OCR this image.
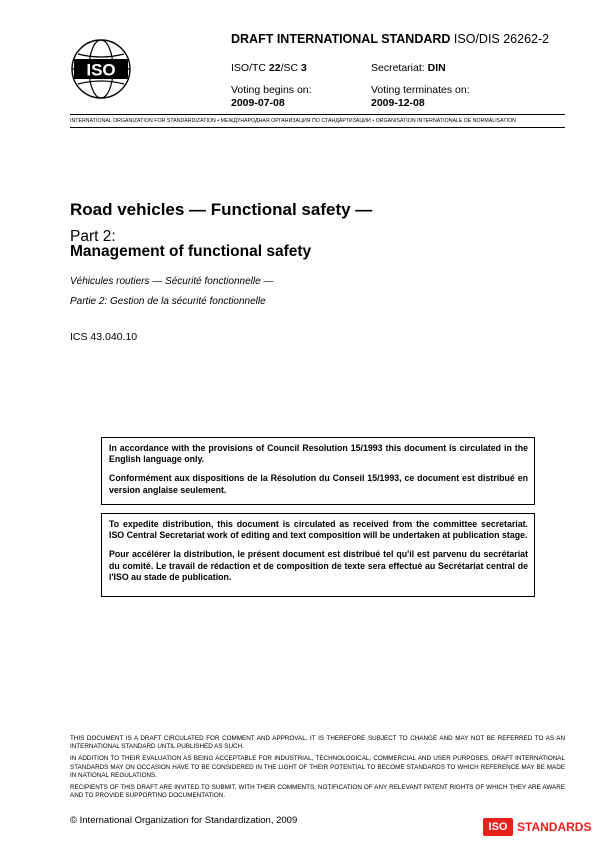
ISO
DRAFT INTERNATIONAL STANDARD ISO/DIS 26262-2
ISO/TC 22/SC 3	Secretariat: DIN
Voting begins on:
2009-07-08
Voting terminates on:
2009-12-08
INTERNATIONAL ORGANIZATION FOR STANDARDIZATION • МЕЖДУНАРОДНАЯ ОРГАНИЗАЦИЯ ПО СТАНДАРТИЗАЦИИ • ORGANISATION INTERNATIONALE DE NORMALISATION
Road vehicles — Functional safety —
Part 2:
Management of functional safety
Véhicules routiers — Sécurité fonctionnelle —
Partie 2: Gestion de la sécurité fonctionnelle
ICS 43.040.10

In accordance with the provisions of Council Resolution 15/1993 this document is circulated in the English language only.

Conformément aux dispositions de la Résolution du Conseil 15/1993, ce document est distribué en version anglaise seulement.

To expedite distribution, this document is circulated as received from the committee secretariat. ISO Central Secretariat work of editing and text composition will be undertaken at publication stage.

Pour accélérer la distribution, le présent document est distribué tel qu'il est parvenu du secrétariat du comité. Le travail de rédaction et de composition de texte sera effectué au Secrétariat central de l'ISO au stade de publication.

THIS DOCUMENT IS A DRAFT CIRCULATED FOR COMMENT AND APPROVAL. IT IS THEREFORE SUBJECT TO CHANGE AND MAY NOT BE REFERRED TO AS AN INTERNATIONAL STANDARD UNTIL PUBLISHED AS SUCH.

IN ADDITION TO THEIR EVALUATION AS BEING ACCEPTABLE FOR INDUSTRIAL, TECHNOLOGICAL, COMMERCIAL AND USER PURPOSES, DRAFT INTERNATIONAL STANDARDS MAY ON OCCASION HAVE TO BE CONSIDERED IN THE LIGHT OF THEIR POTENTIAL TO BECOME STANDARDS TO WHICH REFERENCE MAY BE MADE IN NATIONAL REGULATIONS.

RECIPIENTS OF THIS DRAFT ARE INVITED TO SUBMIT, WITH THEIR COMMENTS, NOTIFICATION OF ANY RELEVANT PATENT RIGHTS OF WHICH THEY ARE AWARE AND TO PROVIDE SUPPORTING DOCUMENTATION.

© International Organization for Standardization, 2009
ISO STANDARDS
